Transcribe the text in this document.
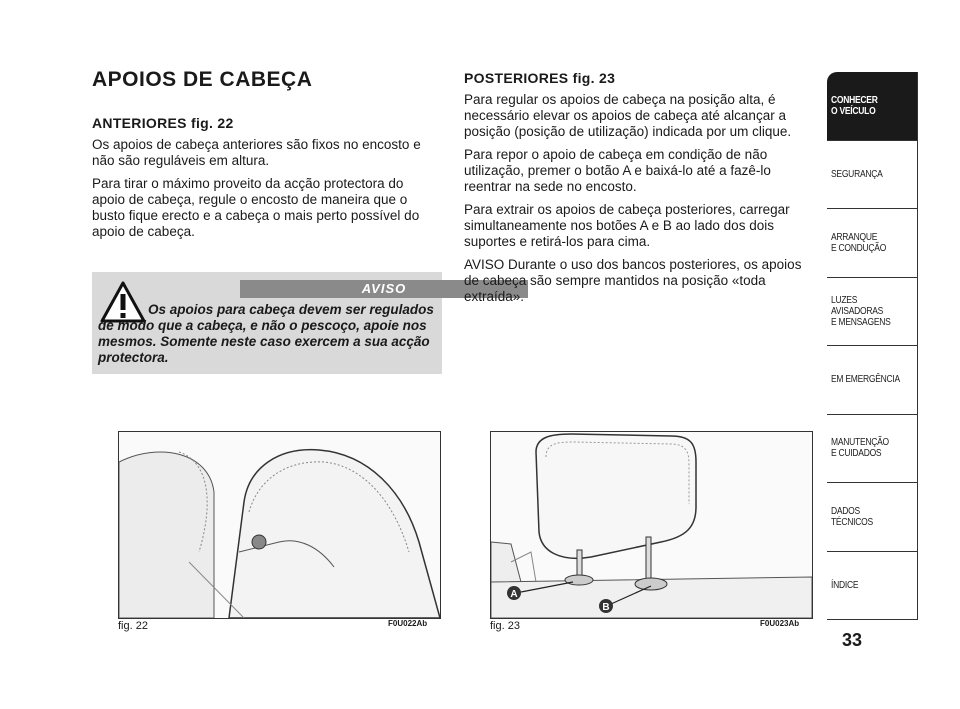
APOIOS DE CABEÇA
ANTERIORES fig. 22

Os apoios de cabeça anteriores são fixos no encosto e não são reguláveis em altura.

Para tirar o máximo proveito da acção protectora do apoio de cabeça, regule o encosto de maneira que o busto fique erecto e a cabeça o mais perto possível do apoio de cabeça.

AVISO
Os apoios para cabeça devem ser regulados de modo que a cabeça, e não o pescoço, apoie nos mesmos. Somente neste caso exercem a sua acção protectora.
POSTERIORES fig. 23

Para regular os apoios de cabeça na posição alta, é necessário elevar os apoios de cabeça até alcançar a posição (posição de utilização) indicada por um clique.

Para repor o apoio de cabeça em condição de não utilização, premer o botão A e baixá-lo até a fazê-lo reentrar na sede no encosto.

Para extrair os apoios de cabeça posteriores, carregar simultaneamente nos botões A e B ao lado dos dois suportes e retirá-los para cima.

AVISO Durante o uso dos bancos posteriores, os apoios de cabeça são sempre mantidos na posição «toda extraída».

fig. 22	F0U022Ab
A
B
fig. 23	F0U023Ab
CONHECER
O VEÍCULO
SEGURANÇA
ARRANQUE
E CONDUÇÃO
LUZES
AVISADORAS
E MENSAGENS
EM EMERGÊNCIA
MANUTENÇÃO
E CUIDADOS
DADOS
TÉCNICOS
ÍNDICE
33
